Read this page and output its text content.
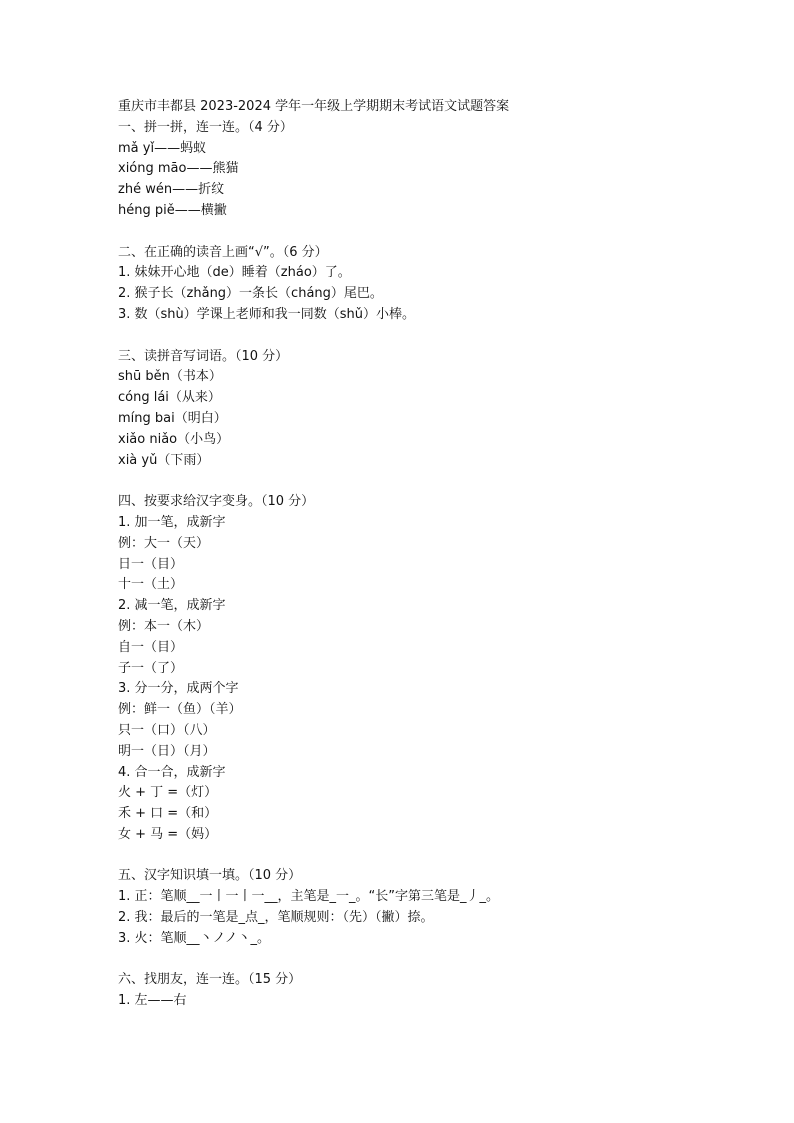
重庆市丰都县 2023-2024 学年一年级上学期期末考试语文试题答案
一、拼一拼，连一连。（4 分）
mǎ yǐ——蚂蚁
xióng māo——熊猫
zhé wén——折纹
héng piě——横撇
二、在正确的读音上画“√”。（6 分）
1. 妹妹开心地（de）睡着（zháo）了。
2. 猴子长（zhǎng）一条长（cháng）尾巴。
3. 数（shù）学课上老师和我一同数（shǔ）小棒。
三、读拼音写词语。（10 分）
shū běn（书本）
cóng lái（从来）
míng bai（明白）
xiǎo niǎo（小鸟）
xià yǔ（下雨）
四、按要求给汉字变身。（10 分）
1. 加一笔，成新字
例：大一（天）
日一（目）
十一（土）
2. 减一笔，成新字
例：本一（木）
自一（目）
子一（了）
3. 分一分，成两个字
例：鲜一（鱼）（羊）
只一（口）（八）
明一（日）（月）
4. 合一合，成新字
火 + 丁 =（灯）
禾 + 口 =（和）
女 + 马 =（妈）
五、汉字知识填一填。（10 分）
1. 正：笔顺__一丨一丨一__，主笔是_一_。“长”字第三笔是_丿_。
2. 我：最后的一笔是_点_，笔顺规则：（先）（撇）捺。
3. 火：笔顺__丶ノノ丶_。
六、找朋友，连一连。（15 分）
1. 左——右
